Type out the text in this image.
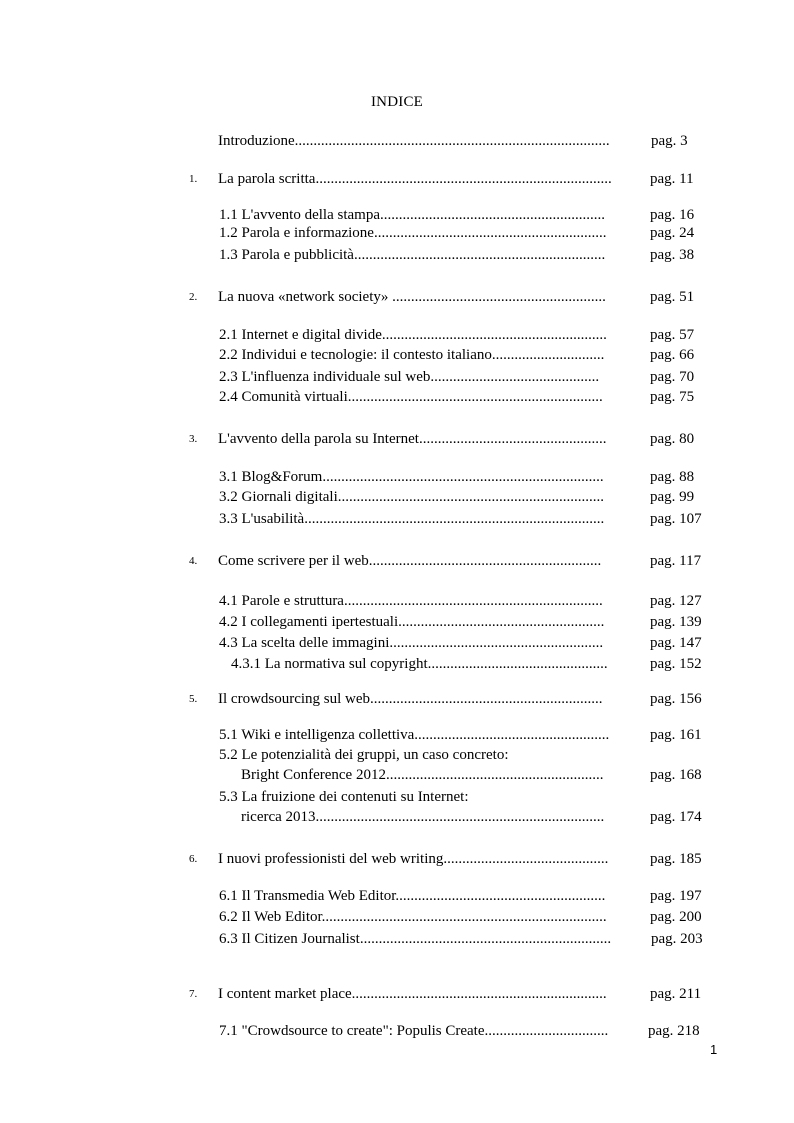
INDICE
Introduzione....................................................................................	pag. 3
1. La parola scritta...............................................................................	pag. 11
1.1 L'avvento della stampa............................................................	pag. 16
1.2 Parola e informazione..............................................................	pag. 24
1.3 Parola e pubblicità...................................................................	pag. 38
2. La nuova «network society» .........................................................	pag. 51
2.1 Internet e digital divide............................................................	pag. 57
2.2 Individui e tecnologie: il contesto italiano..............................	pag. 66
2.3 L'influenza individuale sul web.............................................	pag. 70
2.4 Comunità virtuali....................................................................	pag. 75
3. L'avvento della parola su Internet..................................................	pag. 80
3.1 Blog&Forum...........................................................................	pag. 88
3.2 Giornali digitali.......................................................................	pag. 99
3.3 L'usabilità................................................................................	pag. 107
4. Come scrivere per il web..............................................................	pag. 117
4.1 Parole e struttura.....................................................................	pag. 127
4.2 I collegamenti ipertestuali.......................................................	pag. 139
4.3 La scelta delle immagini.........................................................	pag. 147
4.3.1 La normativa sul copyright................................................	pag. 152
5. Il crowdsourcing sul web..............................................................	pag. 156
5.1 Wiki e intelligenza collettiva....................................................	pag. 161
5.2 Le potenzialità dei gruppi, un caso concreto:
Bright Conference 2012..........................................................	pag. 168
5.3 La fruizione dei contenuti su Internet:
ricerca 2013.............................................................................	pag. 174
6. I nuovi professionisti del web writing............................................	pag. 185
6.1 Il Transmedia Web Editor........................................................	pag. 197
6.2 Il Web Editor............................................................................	pag. 200
6.3 Il Citizen Journalist...................................................................	pag. 203
7. I content market place....................................................................	pag. 211
7.1 "Crowdsource to create": Populis Create.................................	pag. 218
1
